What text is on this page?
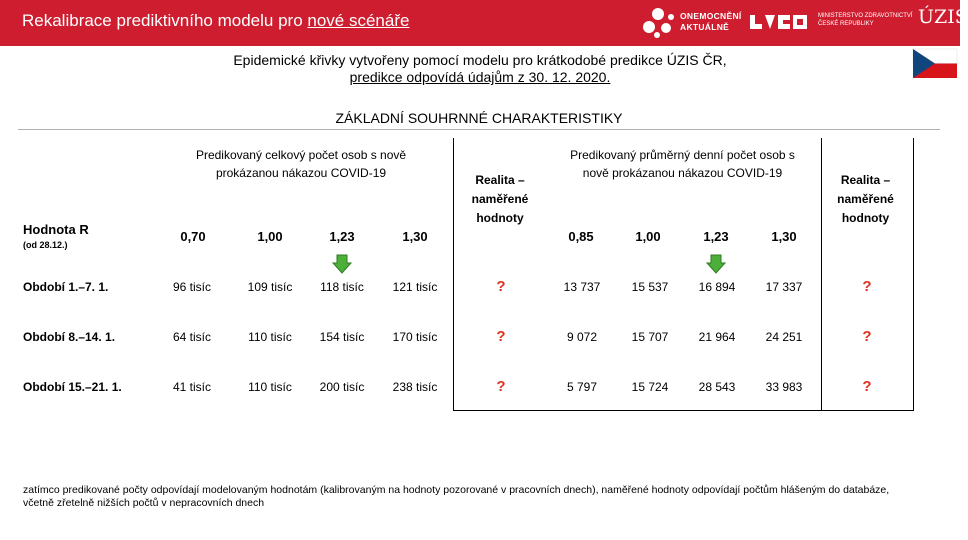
Rekalibrace prediktivního modelu pro nové scénáře	ONEMOCNĚNÍ
AKTUÁLNĚ
MINISTERSTVO ZDRAVOTNICTVÍ
ČESKÉ REPUBLIKY	ÚZIS
Epidemické křivky vytvořeny pomocí modelu pro krátkodobé predikce ÚZIS ČR,
predikce odpovídá údajům z 30. 12. 2020.
ZÁKLADNÍ SOUHRNNÉ CHARAKTERISTIKY
Predikovaný celkový počet osob s nově prokázanou nákazou COVID-19
Predikovaný průměrný denní počet osob s nově prokázanou nákazou COVID-19
Realita – naměřené hodnoty
Realita – naměřené hodnoty
Hodnota R
(od 28.12.)
0,70	1,00	1,23	1,30	0,85	1,00	1,23	1,30
Období 1.–7. 1.	96 tisíc	109 tisíc	118 tisíc	121 tisíc	?	13 737	15 537	16 894	17 337	?
Období 8.–14. 1.	64 tisíc	110 tisíc	154 tisíc	170 tisíc	?	9 072	15 707	21 964	24 251	?
Období 15.–21. 1.	41 tisíc	110 tisíc	200 tisíc	238 tisíc	?	5 797	15 724	28 543	33 983	?
zatímco predikované počty odpovídají modelovaným hodnotám (kalibrovaným na hodnoty pozorované v pracovních dnech), naměřené hodnoty odpovídají počtům hlášeným do databáze, včetně zřetelně nižších počtů v nepracovních dnech
